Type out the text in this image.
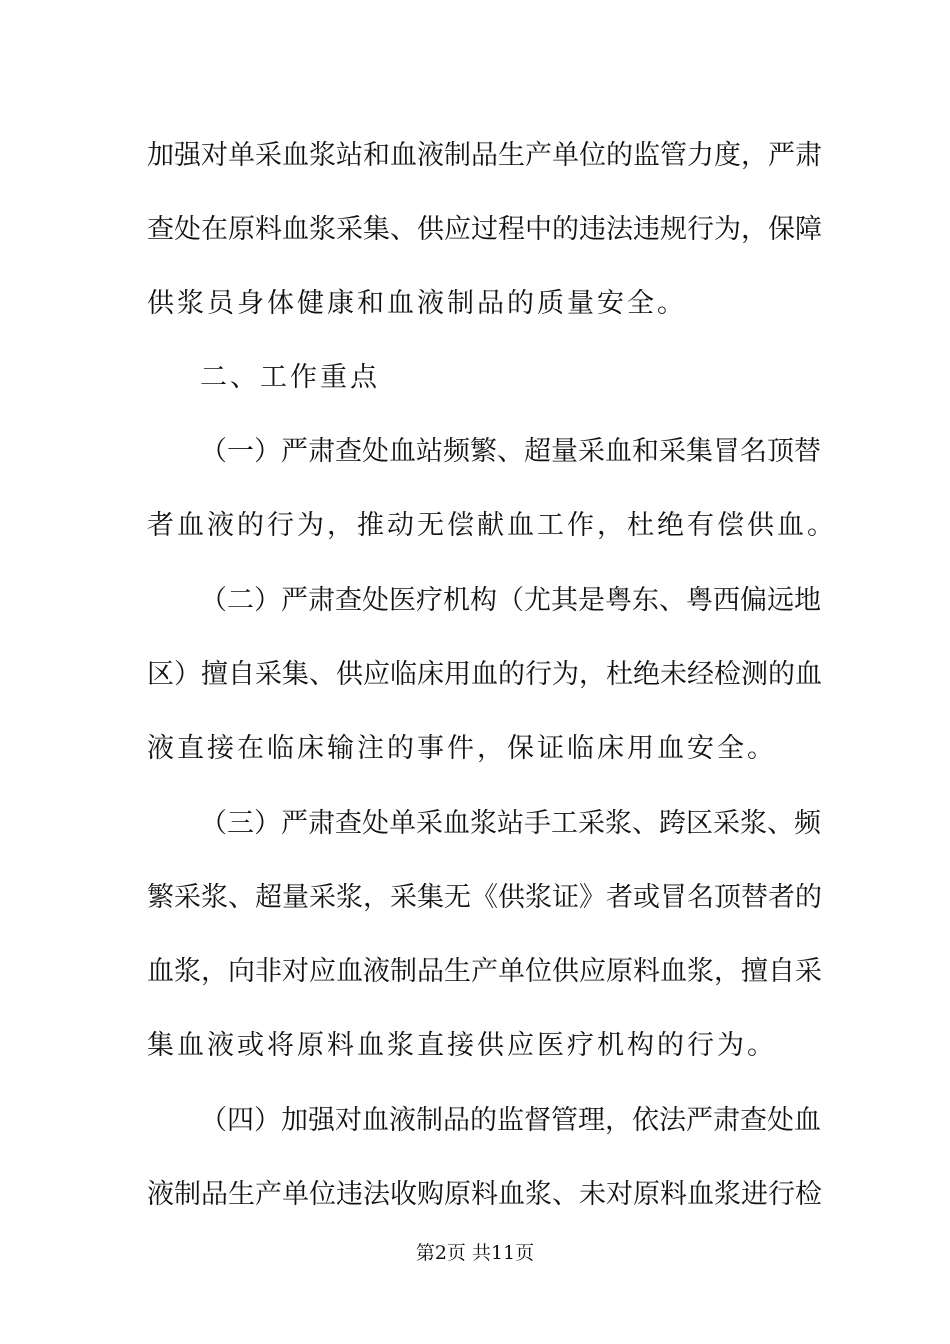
加强对单采血浆站和血液制品生产单位的监管力度，严肃
查处在原料血浆采集、供应过程中的违法违规行为，保障
供浆员身体健康和血液制品的质量安全。
二、工作重点
（一）严肃查处血站频繁、超量采血和采集冒名顶替
者血液的行为，推动无偿献血工作，杜绝有偿供血。
（二）严肃查处医疗机构（尤其是粤东、粤西偏远地
区）擅自采集、供应临床用血的行为，杜绝未经检测的血
液直接在临床输注的事件，保证临床用血安全。
（三）严肃查处单采血浆站手工采浆、跨区采浆、频
繁采浆、超量采浆，采集无《供浆证》者或冒名顶替者的
血浆，向非对应血液制品生产单位供应原料血浆，擅自采
集血液或将原料血浆直接供应医疗机构的行为。
（四）加强对血液制品的监督管理，依法严肃查处血
液制品生产单位违法收购原料血浆、未对原料血浆进行检
第2页 共11页
